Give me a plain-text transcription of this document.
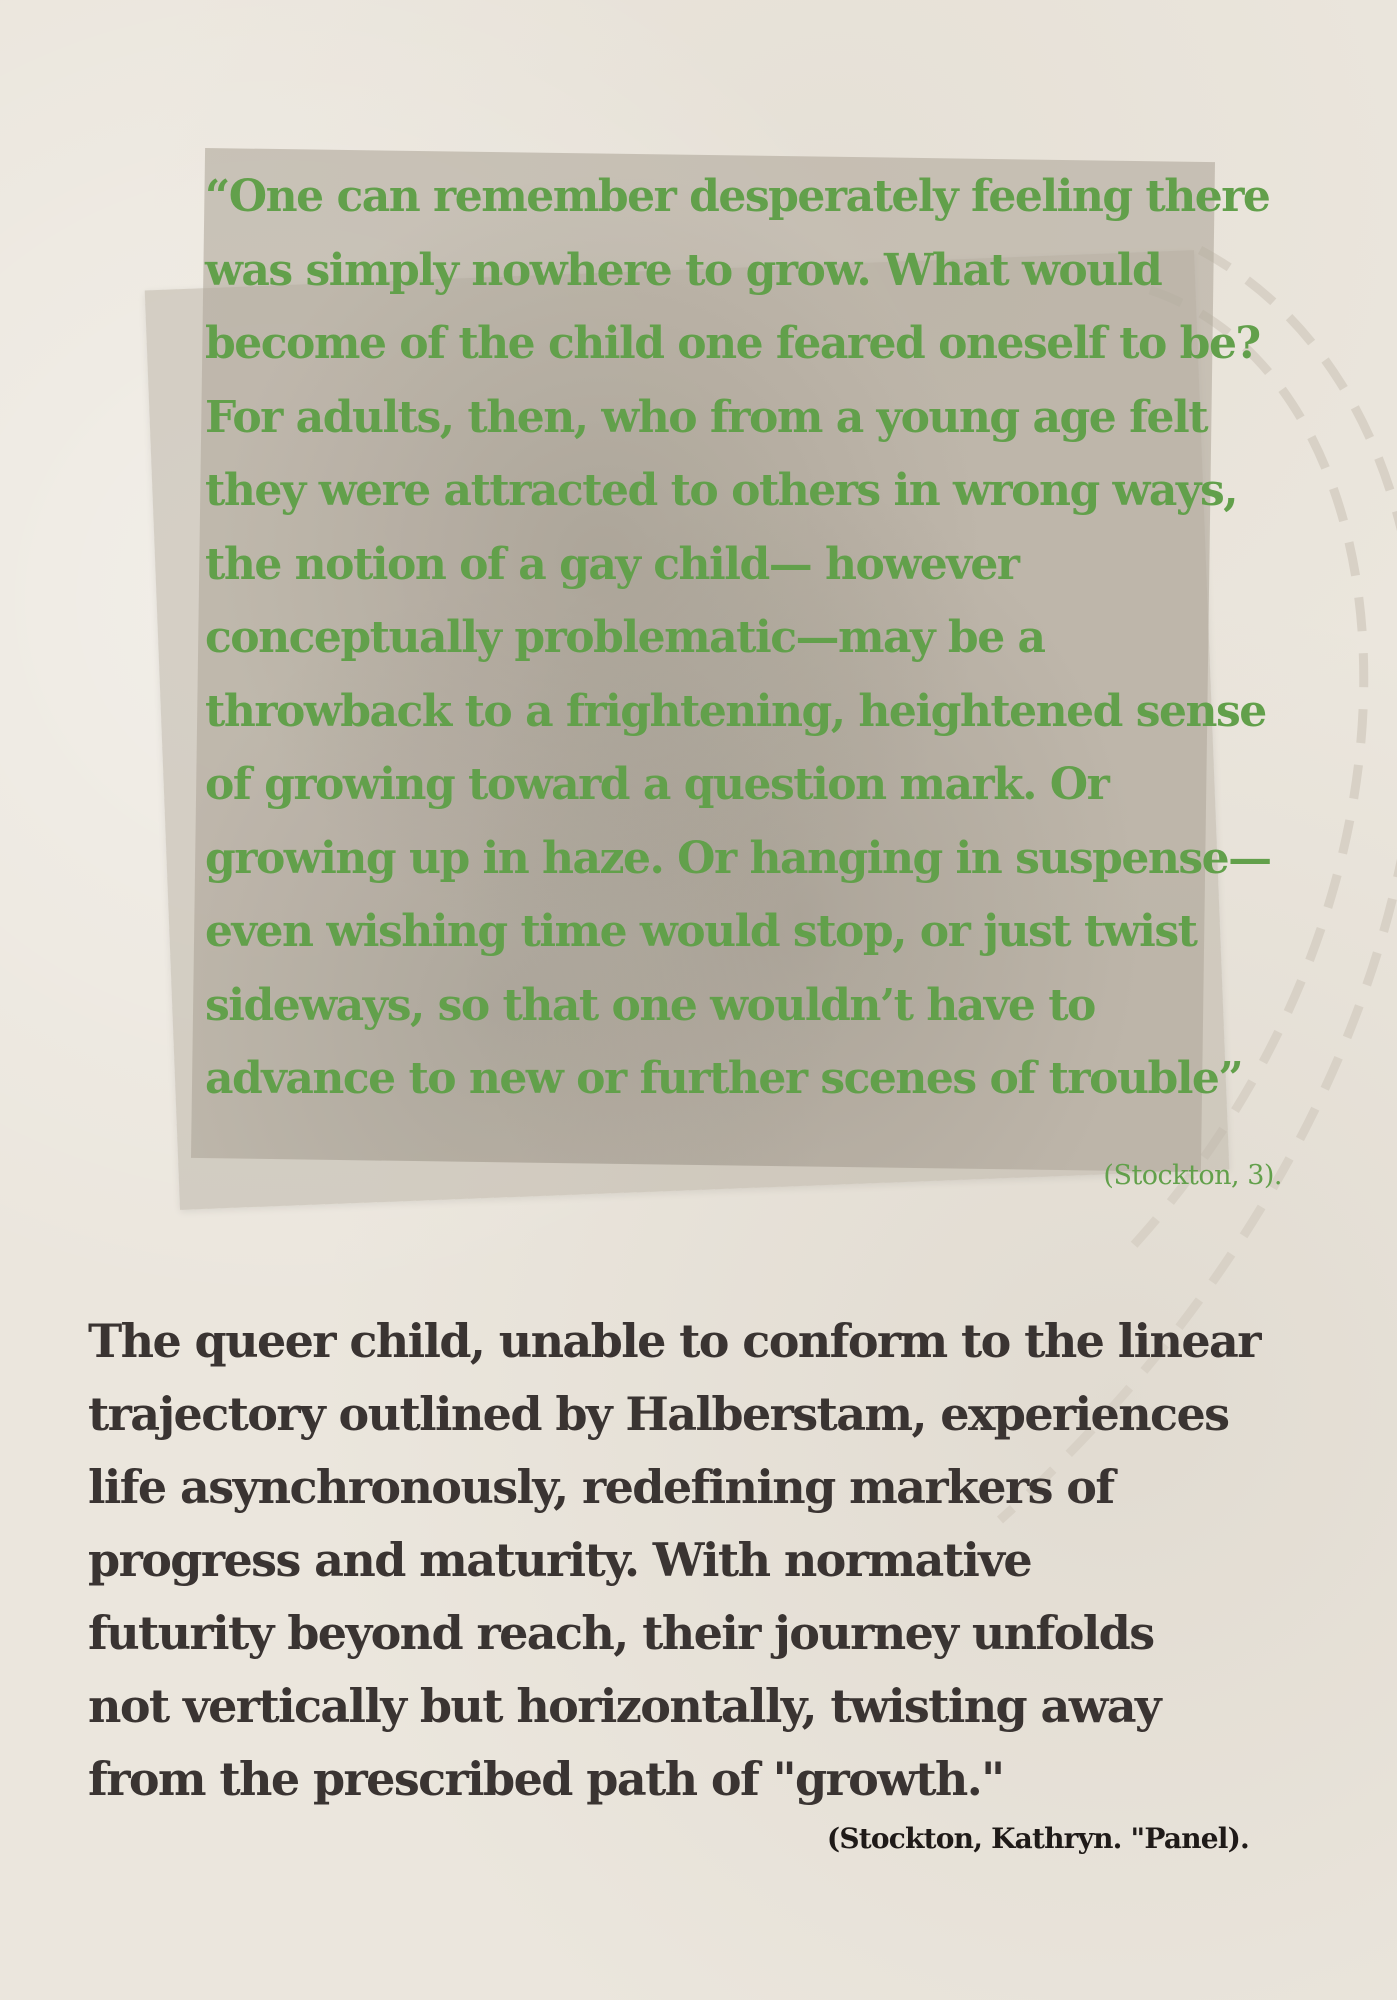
“One can remember desperately feeling there
was simply nowhere to grow. What would
become of the child one feared oneself to be?
For adults, then, who from a young age felt
they were attracted to others in wrong ways,
the notion of a gay child— however
conceptually problematic—may be a
throwback to a frightening, heightened sense
of growing toward a question mark. Or
growing up in haze. Or hanging in suspense—
even wishing time would stop, or just twist
sideways, so that one wouldn’t have to
advance to new or further scenes of trouble”

(Stockton, 3).

The queer child, unable to conform to the linear
trajectory outlined by Halberstam, experiences
life asynchronously, redefining markers of
progress and maturity. With normative
futurity beyond reach, their journey unfolds
not vertically but horizontally, twisting away
from the prescribed path of "growth."

(Stockton, Kathryn. "Panel).
